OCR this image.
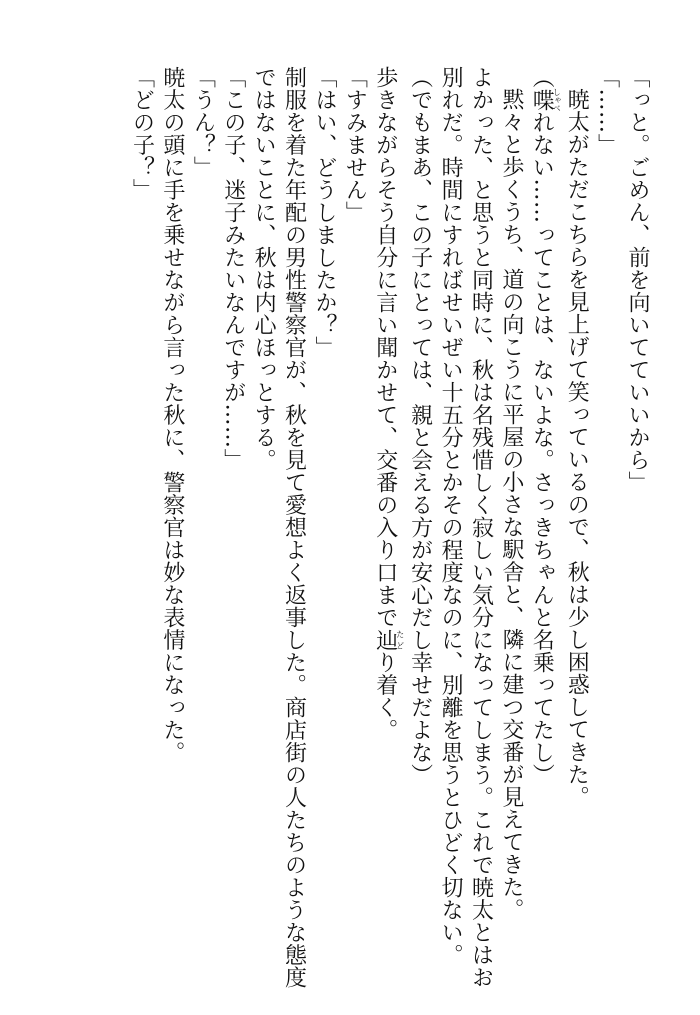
「っと。ごめん、前を向いてていいから」
「……」
暁太がただこちらを見上げて笑っているので、秋は少し困惑してきた。
（喋しゃべれない……ってことは、ないよな。さっきちゃんと名乗ってたし）
黙々と歩くうち、道の向こうに平屋の小さな駅舎と、隣に建つ交番が見えてきた。
よかった、と思うと同時に、秋は名残惜しく寂しい気分になってしまう。これで暁太とはお
別れだ。時間にすればせいぜい十五分とかその程度なのに、別離を思うとひどく切ない。
（でもまあ、この子にとっては、親と会える方が安心だし幸せだよな）
歩きながらそう自分に言い聞かせて、交番の入り口まで辿たどり着く。
「すみません」
「はい、どうしましたか？」
制服を着た年配の男性警察官が、秋を見て愛想よく返事した。商店街の人たちのような態度
ではないことに、秋は内心ほっとする。
「この子、迷子みたいなんですが……」
「うん？」
暁太の頭に手を乗せながら言った秋に、警察官は妙な表情になった。
「どの子？」
